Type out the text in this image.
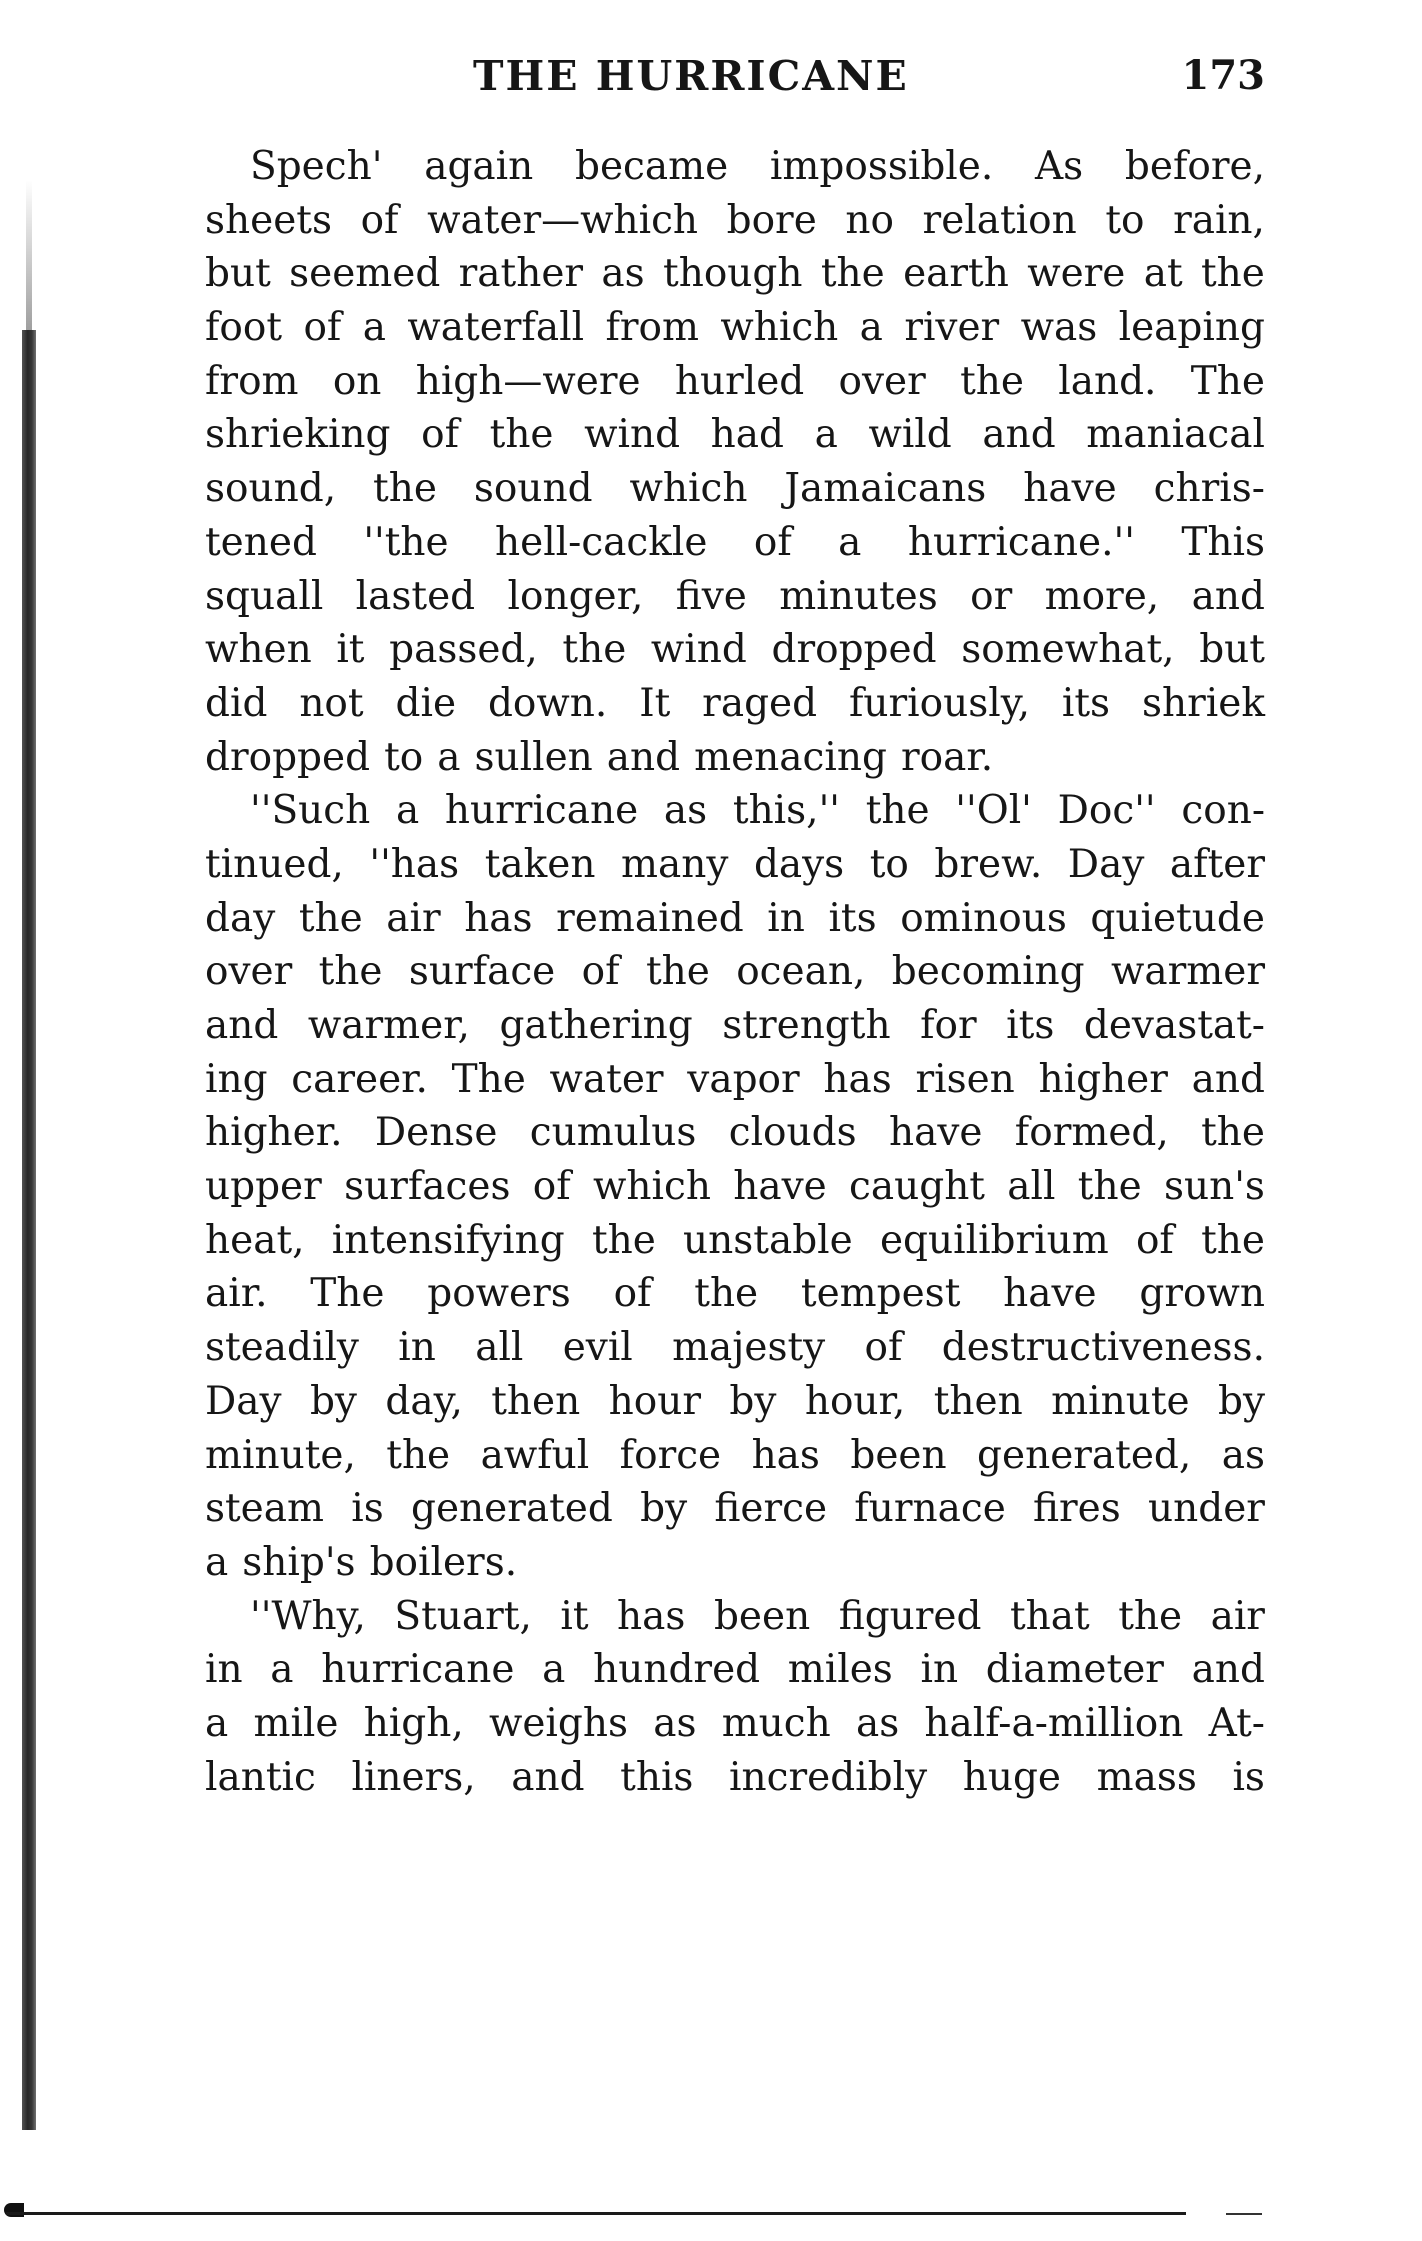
THE HURRICANE	173
Spech' again became impossible. As before,
sheets of water—which bore no relation to rain,
but seemed rather as though the earth were at the
foot of a waterfall from which a river was leaping
from on high—were hurled over the land. The
shrieking of the wind had a wild and maniacal
sound, the sound which Jamaicans have chris-
tened ''the hell-cackle of a hurricane.'' This
squall lasted longer, five minutes or more, and
when it passed, the wind dropped somewhat, but
did not die down. It raged furiously, its shriek
dropped to a sullen and menacing roar.
''Such a hurricane as this,'' the ''Ol' Doc'' con-
tinued, ''has taken many days to brew. Day after
day the air has remained in its ominous quietude
over the surface of the ocean, becoming warmer
and warmer, gathering strength for its devastat-
ing career. The water vapor has risen higher and
higher. Dense cumulus clouds have formed, the
upper surfaces of which have caught all the sun's
heat, intensifying the unstable equilibrium of the
air. The powers of the tempest have grown
steadily in all evil majesty of destructiveness.
Day by day, then hour by hour, then minute by
minute, the awful force has been generated, as
steam is generated by fierce furnace fires under
a ship's boilers.
''Why, Stuart, it has been figured that the air
in a hurricane a hundred miles in diameter and
a mile high, weighs as much as half-a-million At-
lantic liners, and this incredibly huge mass is
